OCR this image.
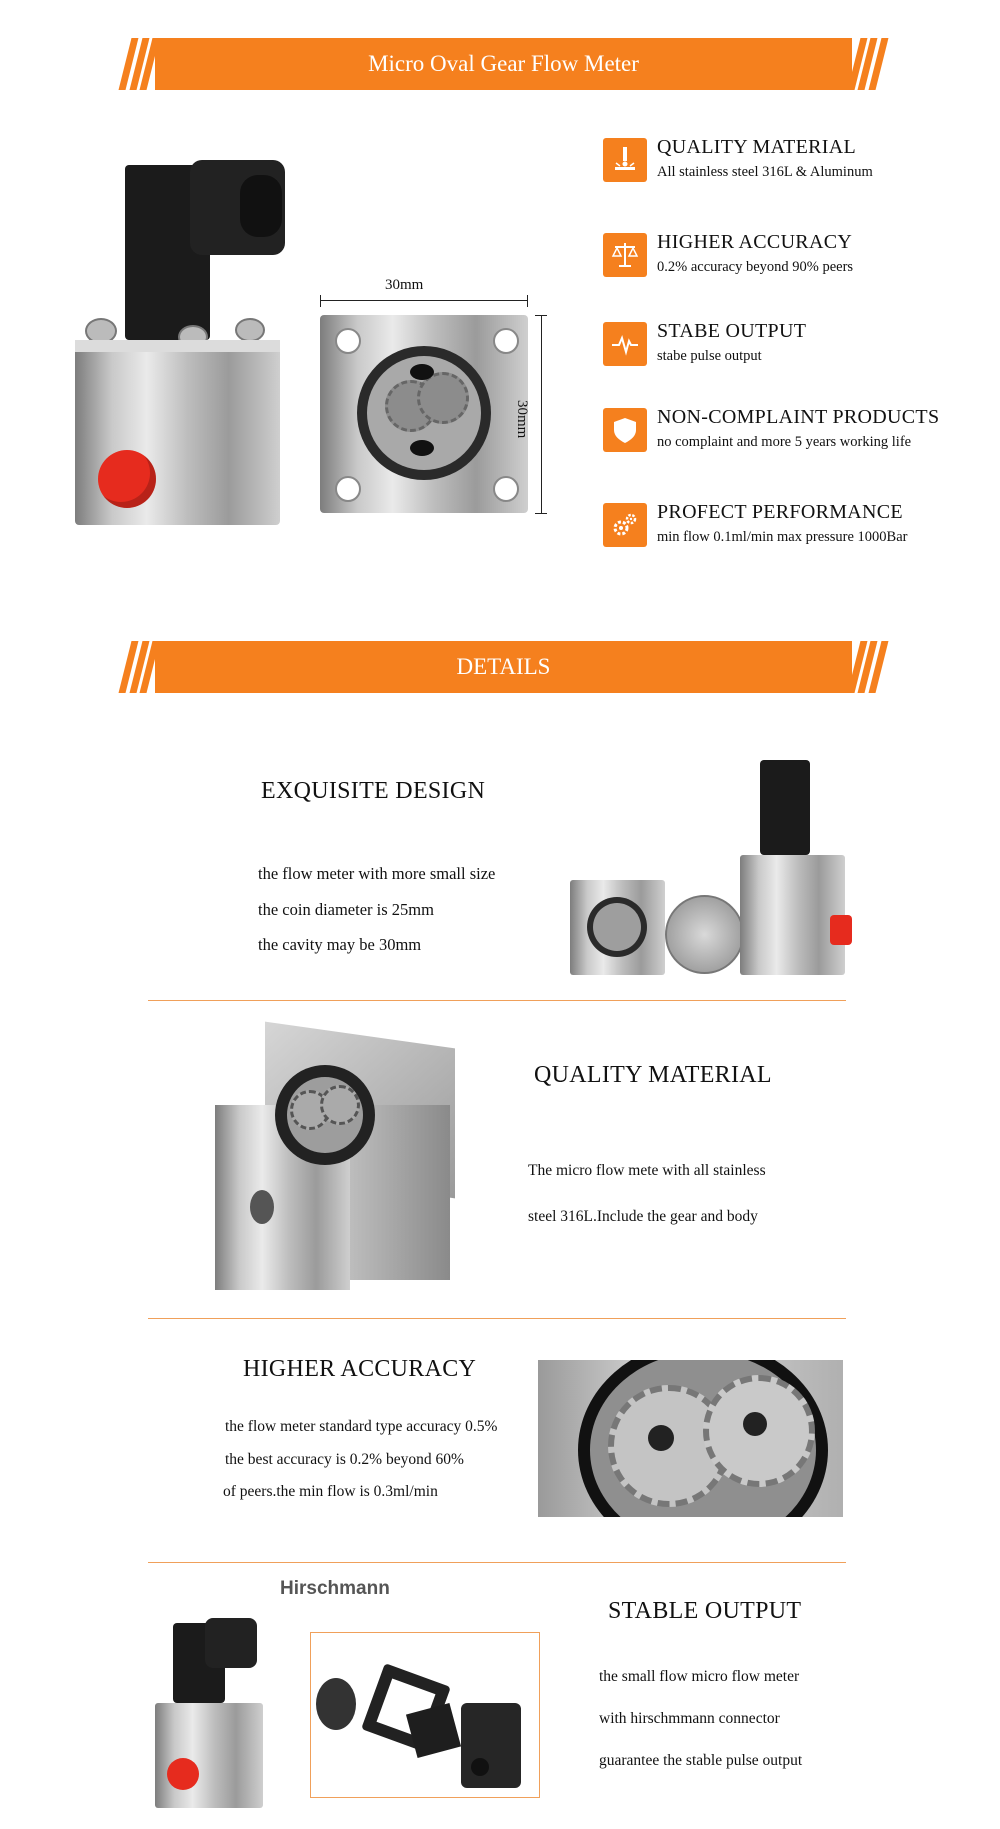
Micro Oval Gear Flow Meter
30mm
30mm
QUALITY MATERIAL
All stainless steel 316L & Aluminum
HIGHER ACCURACY
0.2% accuracy beyond 90% peers
STABE OUTPUT
stabe pulse output
NON-COMPLAINT PRODUCTS
no complaint and more 5 years working life
PROFECT PERFORMANCE
min flow 0.1ml/min max pressure 1000Bar
DETAILS
EXQUISITE DESIGN
the flow meter with more small size
the coin diameter is 25mm
the cavity may be 30mm
QUALITY MATERIAL
The micro flow mete with all stainless
steel 316L.Include the gear and body
HIGHER ACCURACY
the flow meter standard type accuracy 0.5%
the best accuracy is 0.2% beyond 60%
of peers.the min flow is 0.3ml/min
Hirschmann
STABLE OUTPUT
the small flow micro flow meter
with hirschmmann connector
guarantee the stable pulse output
